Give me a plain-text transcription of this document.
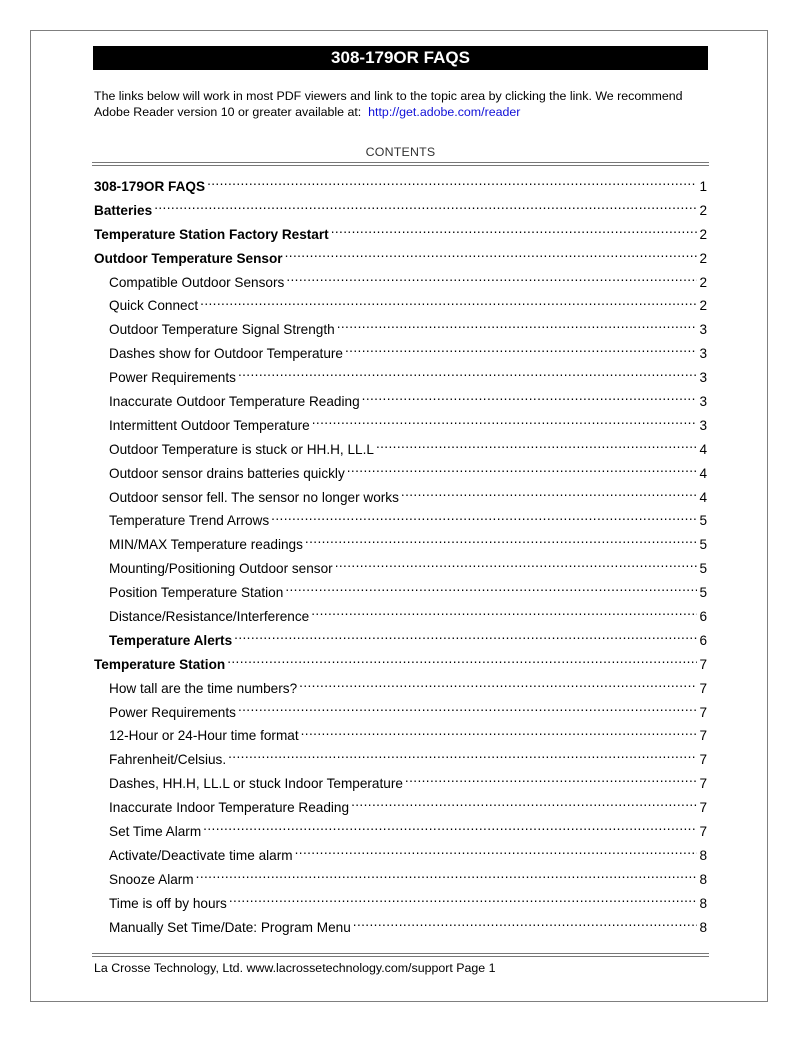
308-179OR FAQS
The links below will work in most PDF viewers and link to the topic area by clicking the link. We recommend Adobe Reader version 10 or greater available at: http://get.adobe.com/reader
CONTENTS
308-179OR FAQS .....	1
Batteries .....	2
Temperature Station Factory Restart .....	2
Outdoor Temperature Sensor .....	2
Compatible Outdoor Sensors .....	2
Quick Connect .....	2
Outdoor Temperature Signal Strength .....	3
Dashes show for Outdoor Temperature .....	3
Power Requirements .....	3
Inaccurate Outdoor Temperature Reading .....	3
Intermittent Outdoor Temperature .....	3
Outdoor Temperature is stuck or HH.H, LL.L .....	4
Outdoor sensor drains batteries quickly .....	4
Outdoor sensor fell. The sensor no longer works .....	4
Temperature Trend Arrows .....	5
MIN/MAX Temperature readings .....	5
Mounting/Positioning Outdoor sensor .....	5
Position Temperature Station .....	5
Distance/Resistance/Interference .....	6
Temperature Alerts .....	6
Temperature Station .....	7
How tall are the time numbers? .....	7
Power Requirements .....	7
12-Hour or 24-Hour time format .....	7
Fahrenheit/Celsius. .....	7
Dashes, HH.H, LL.L or stuck Indoor Temperature .....	7
Inaccurate Indoor Temperature Reading .....	7
Set Time Alarm .....	7
Activate/Deactivate time alarm .....	8
Snooze Alarm .....	8
Time is off by hours .....	8
Manually Set Time/Date: Program Menu .....	8
La Crosse Technology, Ltd. www.lacrossetechnology.com/support Page 1
